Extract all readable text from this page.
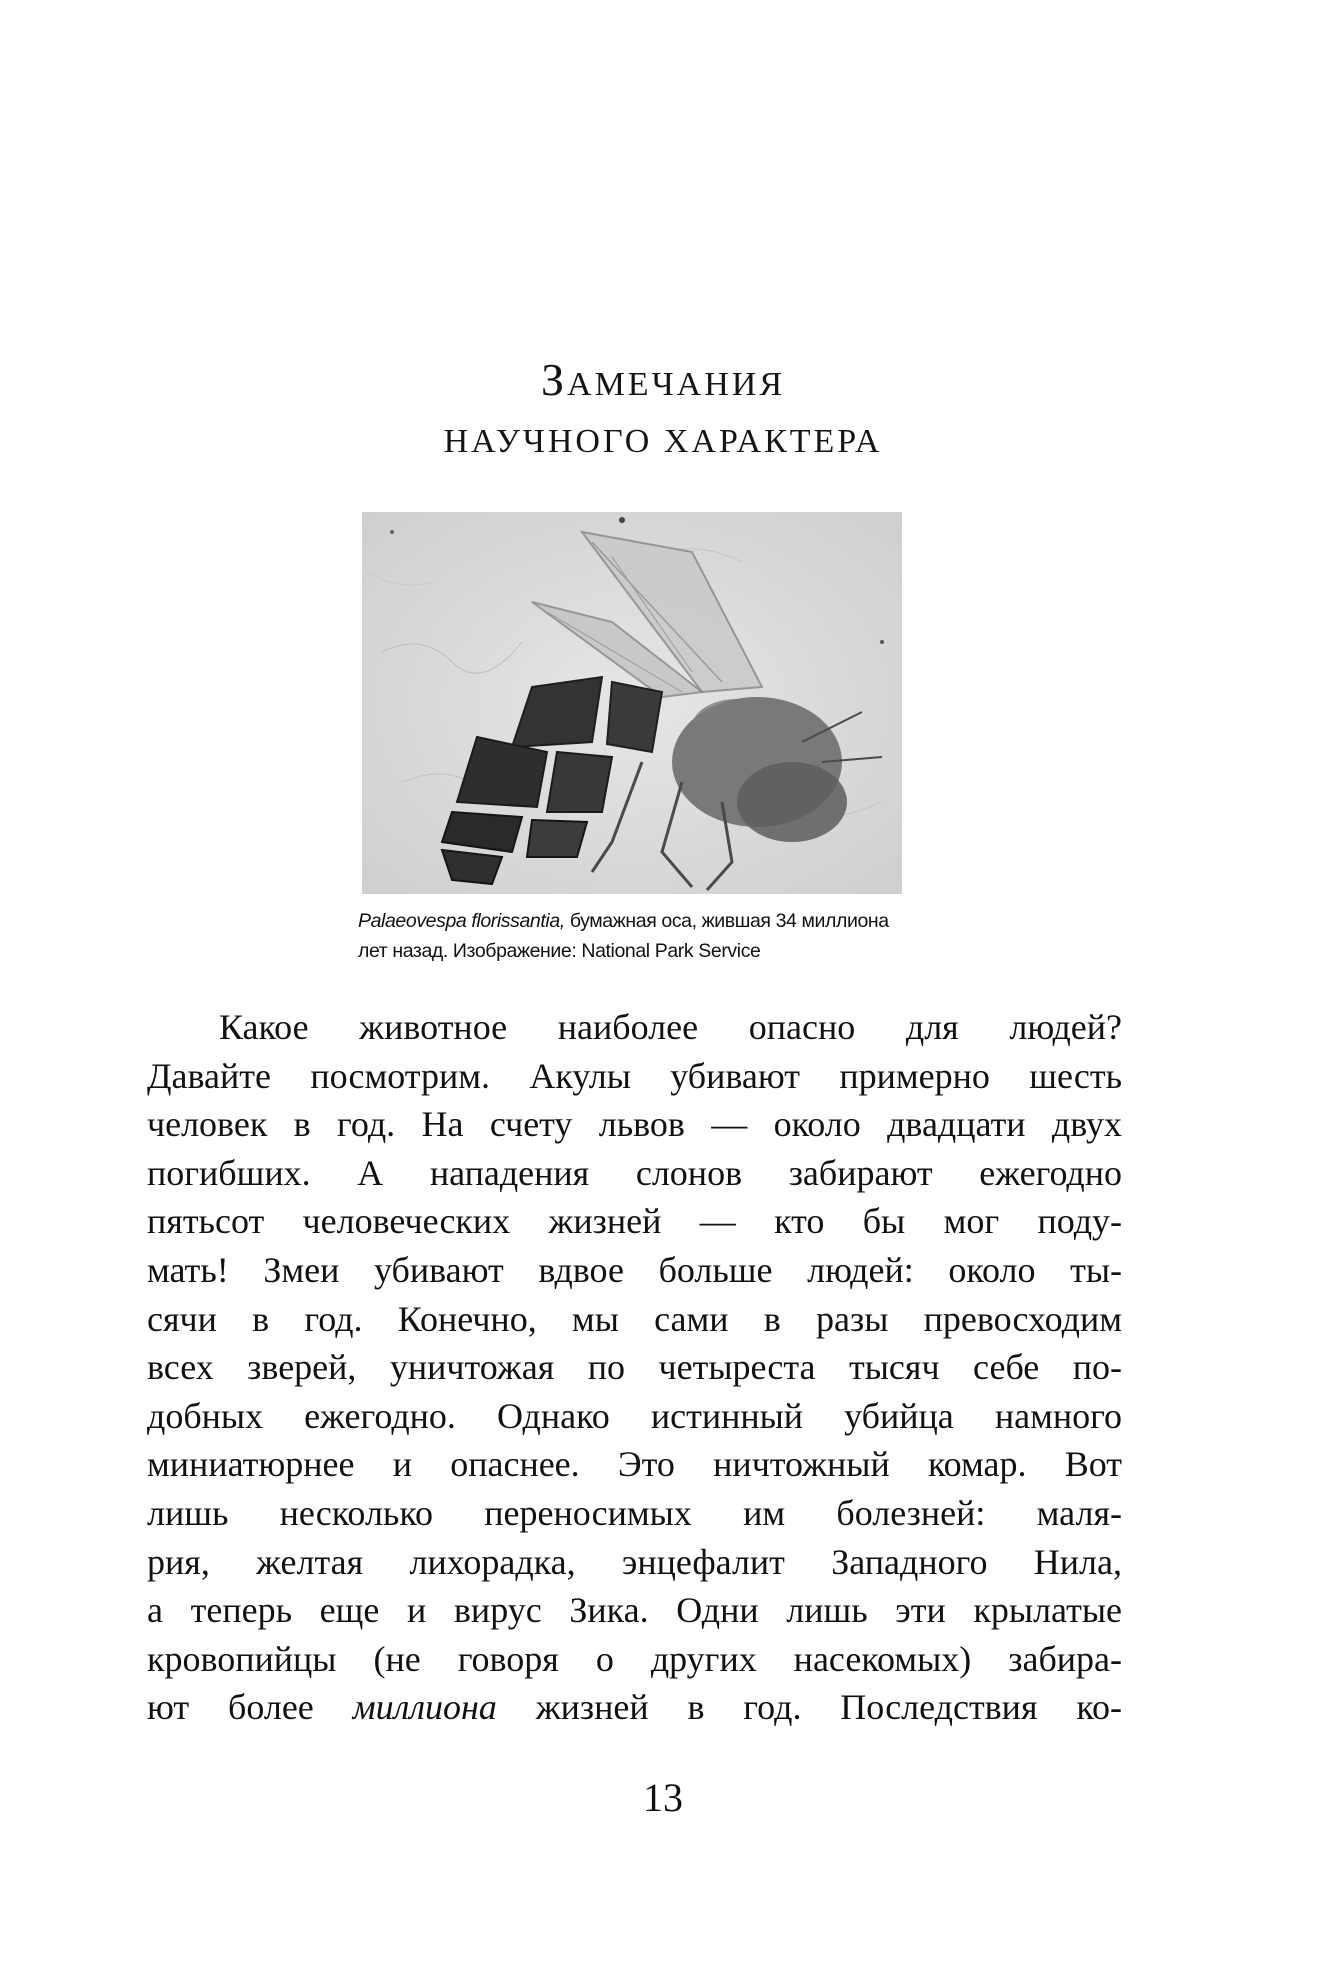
ЗАМЕЧАНИЯ
НАУЧНОГО ХАРАКТЕРА
Palaeovespa florissantia, бумажная оса, жившая 34 миллиона
лет назад. Изображение: National Park Service
Какое животное наиболее опасно для людей?
Давайте посмотрим. Акулы убивают примерно шесть
человек в год. На счету львов — около двадцати двух
погибших. А нападения слонов забирают ежегодно
пятьсот человеческих жизней — кто бы мог поду-
мать! Змеи убивают вдвое больше людей: около ты-
сячи в год. Конечно, мы сами в разы превосходим
всех зверей, уничтожая по четыреста тысяч себе по-
добных ежегодно. Однако истинный убийца намного
миниатюрнее и опаснее. Это ничтожный комар. Вот
лишь несколько переносимых им болезней: маля-
рия, желтая лихорадка, энцефалит Западного Нила,
а теперь еще и вирус Зика. Одни лишь эти крылатые
кровопийцы (не говоря о других насекомых) забира-
ют более миллиона жизней в год. Последствия ко-
13
